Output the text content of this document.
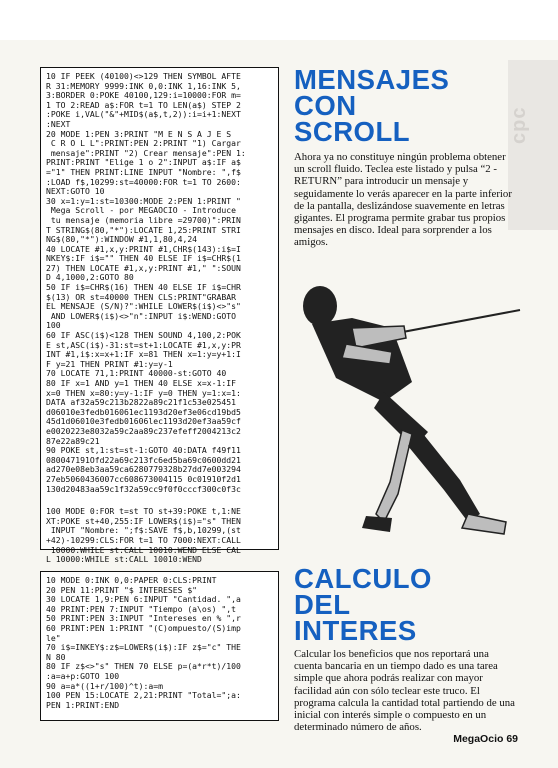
cpc
10 IF PEEK (40100)<>129 THEN SYMBOL AFTE
R 31:MEMORY 9999:INK 0,0:INK 1,16:INK 5,
3:BORDER 0:POKE 40100,129:i=10000:FOR m=
1 TO 2:READ a$:FOR t=1 TO LEN(a$) STEP 2
:POKE i,VAL("&"+MID$(a$,t,2)):i=i+1:NEXT
:NEXT
20 MODE 1:PEN 3:PRINT "M E N S A J E S
C R O L L":PRINT:PEN 2:PRINT "1) Cargar
mensaje":PRINT "2) Crear mensaje":PEN 1:
PRINT:PRINT "Elige 1 o 2":INPUT a$:IF a$
="1" THEN PRINT:LINE INPUT "Nombre: ",f$
:LOAD f$,10299:st=40000:FOR t=1 TO 2600:
NEXT:GOTO 10
30 x=1:y=1:st=10300:MODE 2:PEN 1:PRINT "
Mega Scroll - por MEGAOCIO - Introduce
tu mensaje (memoria libre =29700)":PRIN
T STRING$(80,"*"):LOCATE 1,25:PRINT STRI
NG$(80,"*"):WINDOW #1,1,80,4,24
40 LOCATE #1,x,y:PRINT #1,CHR$(143):i$=I
NKEY$:IF i$="" THEN 40 ELSE IF i$=CHR$(1
27) THEN LOCATE #1,x,y:PRINT #1," ":SOUN
D 4,1000,2:GOTO 80
50 IF i$=CHR$(16) THEN 40 ELSE IF i$=CHR
$(13) OR st=40000 THEN CLS:PRINT"GRABAR
EL MENSAJE (S/N)?":WHILE LOWER$(i$)<>"s"
AND LOWER$(i$)<>"n":INPUT i$:WEND:GOTO
100
60 IF ASC(i$)<128 THEN SOUND 4,100,2:POK
E st,ASC(i$)-31:st=st+1:LOCATE #1,x,y:PR
INT #1,i$:x=x+1:IF x=81 THEN x=1:y=y+1:I
F y=21 THEN PRINT #1:y=y-1
70 LOCATE 71,1:PRINT 40000-st:GOTO 40
80 IF x=1 AND y=1 THEN 40 ELSE x=x-1:IF
x=0 THEN x=80:y=y-1:IF y=0 THEN y=1:x=1:
DATA af32a59c213b2822a89c21f1c53e025451
d06010e3fedb016061ec1193d20ef3e06cd19bd5
45d1d06010e3fedb01606lec1193d20ef3aa59cf
e0020223e8032a59c2aa89c237efeff2004213c2
87e22a89c21
90 POKE st,1:st=st-1:GOTO 40:DATA f49f11
080047191Ofd22a69c213fc6ed5ba69c0600dd21
ad270e08eb3aa59ca6280779328b27dd7e003294
27eb5060436007cc608673004115 0c01910f2d1
130d20483aa59c1f32a59cc9f0f0cccf300c0f3c
100 MODE 0:FOR t=st TO st+39:POKE t,1:NE
XT:POKE st+40,255:IF LOWER$(i$)="s" THEN
INPUT "Nombre: ";f$:SAVE f$,b,10299,(st
+42)-10299:CLS:FOR t=1 TO 7000:NEXT:CALL
10000:WHILE st:CALL 10010:WEND ELSE CAL
L 10000:WHILE st:CALL 10010:WEND
10 MODE 0:INK 0,0:PAPER 0:CLS:PRINT
20 PEN 11:PRINT "$ INTERESES $"
30 LOCATE 1,9:PEN 6:INPUT "Cantidad. ",a
40 PRINT:PEN 7:INPUT "Tiempo (a\os) ",t
50 PRINT:PEN 3:INPUT "Intereses en % ",r
60 PRINT:PEN 1:PRINT "(C)ompuesto/(S)imp
le"
70 i$=INKEY$:z$=LOWER$(i$):IF z$="c" THE
N 80
80 IF z$<>"s" THEN 70 ELSE p=(a*r*t)/100
:a=a+p:GOTO 100
90 a=a*((1+r/100)^t):a=m
100 PEN 15:LOCATE 2,21:PRINT "Total=";a:
PEN 1:PRINT:END
MENSAJES
CON
SCROLL

Ahora ya no constituye ningún problema obtener un scroll fluido. Teclea este listado y pulsa “2 - RETURN” para introducir un mensaje y seguidamente lo verás aparecer en la parte inferior de la pantalla, deslizándose suavemente en letras gigantes. El programa permite grabar tus propios mensajes en disco. Ideal para sorprender a los amigos.

CALCULO
DEL
INTERES

Calcular los beneficios que nos reportará una cuenta bancaria en un tiempo dado es una tarea simple que ahora podrás realizar con mayor facilidad aún con sólo teclear este truco. El programa calcula la cantidad total partiendo de una inicial con interés simple o compuesto en un determinado número de años.

MegaOcio 69
